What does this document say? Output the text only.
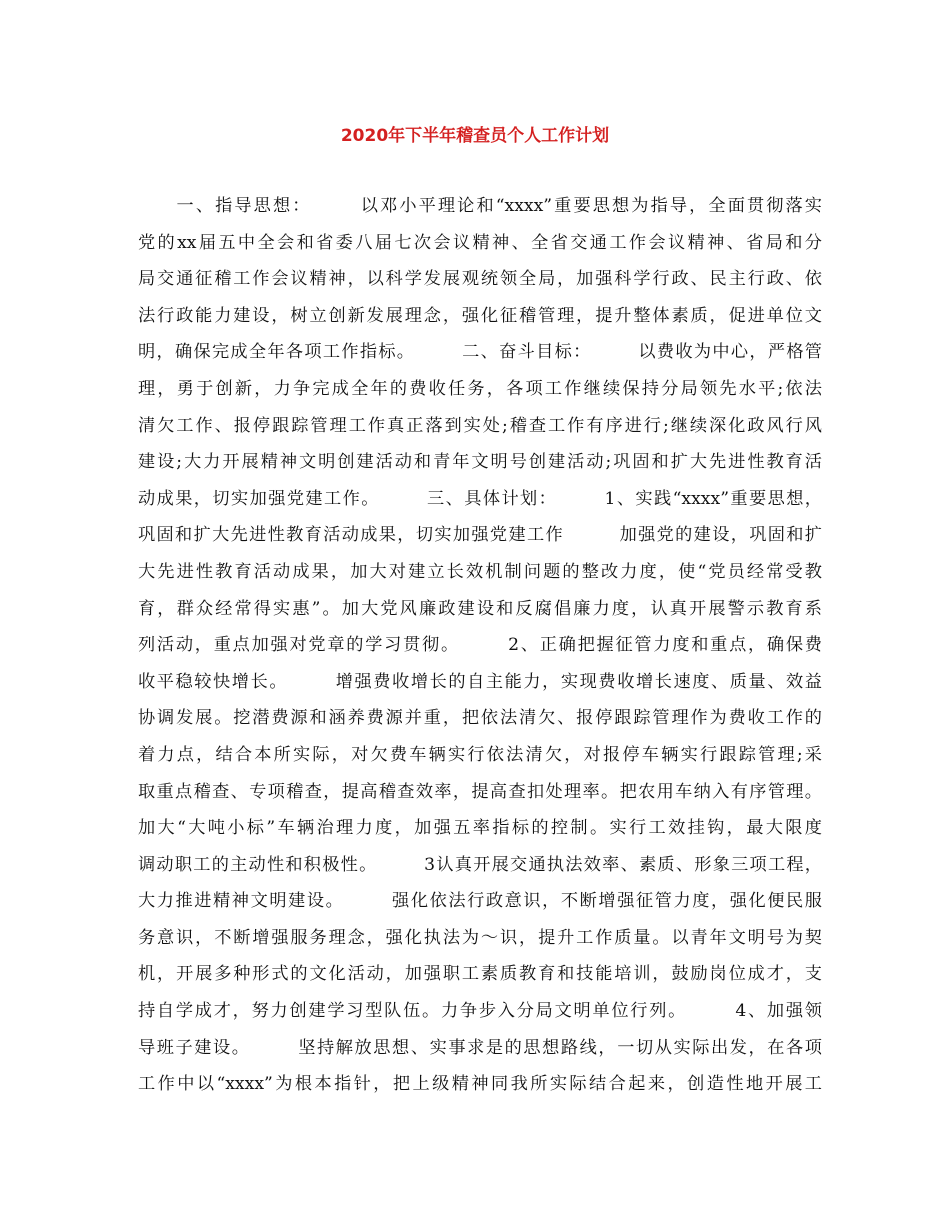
2020年下半年稽查员个人工作计划
　　一、指导思想：　　　以邓小平理论和“xxxx”重要思想为指导，全面贯彻落实
党的xx届五中全会和省委八届七次会议精神、全省交通工作会议精神、省局和分
局交通征稽工作会议精神，以科学发展观统领全局，加强科学行政、民主行政、依
法行政能力建设，树立创新发展理念，强化征稽管理，提升整体素质，促进单位文
明，确保完成全年各项工作指标。　　　二、奋斗目标：　　　以费收为中心，严格管
理，勇于创新，力争完成全年的费收任务，各项工作继续保持分局领先水平;依法
清欠工作、报停跟踪管理工作真正落到实处;稽查工作有序进行;继续深化政风行风
建设;大力开展精神文明创建活动和青年文明号创建活动;巩固和扩大先进性教育活
动成果，切实加强党建工作。　　　三、具体计划：　　　1、实践“xxxx”重要思想，
巩固和扩大先进性教育活动成果，切实加强党建工作　　　加强党的建设，巩固和扩
大先进性教育活动成果，加大对建立长效机制问题的整改力度，使“党员经常受教
育，群众经常得实惠”。加大党风廉政建设和反腐倡廉力度，认真开展警示教育系
列活动，重点加强对党章的学习贯彻。　　　2、正确把握征管力度和重点，确保费
收平稳较快增长。　　　增强费收增长的自主能力，实现费收增长速度、质量、效益
协调发展。挖潜费源和涵养费源并重，把依法清欠、报停跟踪管理作为费收工作的
着力点，结合本所实际，对欠费车辆实行依法清欠，对报停车辆实行跟踪管理;采
取重点稽查、专项稽查，提高稽查效率，提高查扣处理率。把农用车纳入有序管理。
加大“大吨小标”车辆治理力度，加强五率指标的控制。实行工效挂钩，最大限度
调动职工的主动性和积极性。　　　3认真开展交通执法效率、素质、形象三项工程，
大力推进精神文明建设。　　　强化依法行政意识，不断增强征管力度，强化便民服
务意识，不断增强服务理念，强化执法为～识，提升工作质量。以青年文明号为契
机，开展多种形式的文化活动，加强职工素质教育和技能培训，鼓励岗位成才，支
持自学成才，努力创建学习型队伍。力争步入分局文明单位行列。　　　4、加强领
导班子建设。　　　坚持解放思想、实事求是的思想路线，一切从实际出发，在各项
工作中以“xxxx”为根本指针，把上级精神同我所实际结合起来，创造性地开展工
